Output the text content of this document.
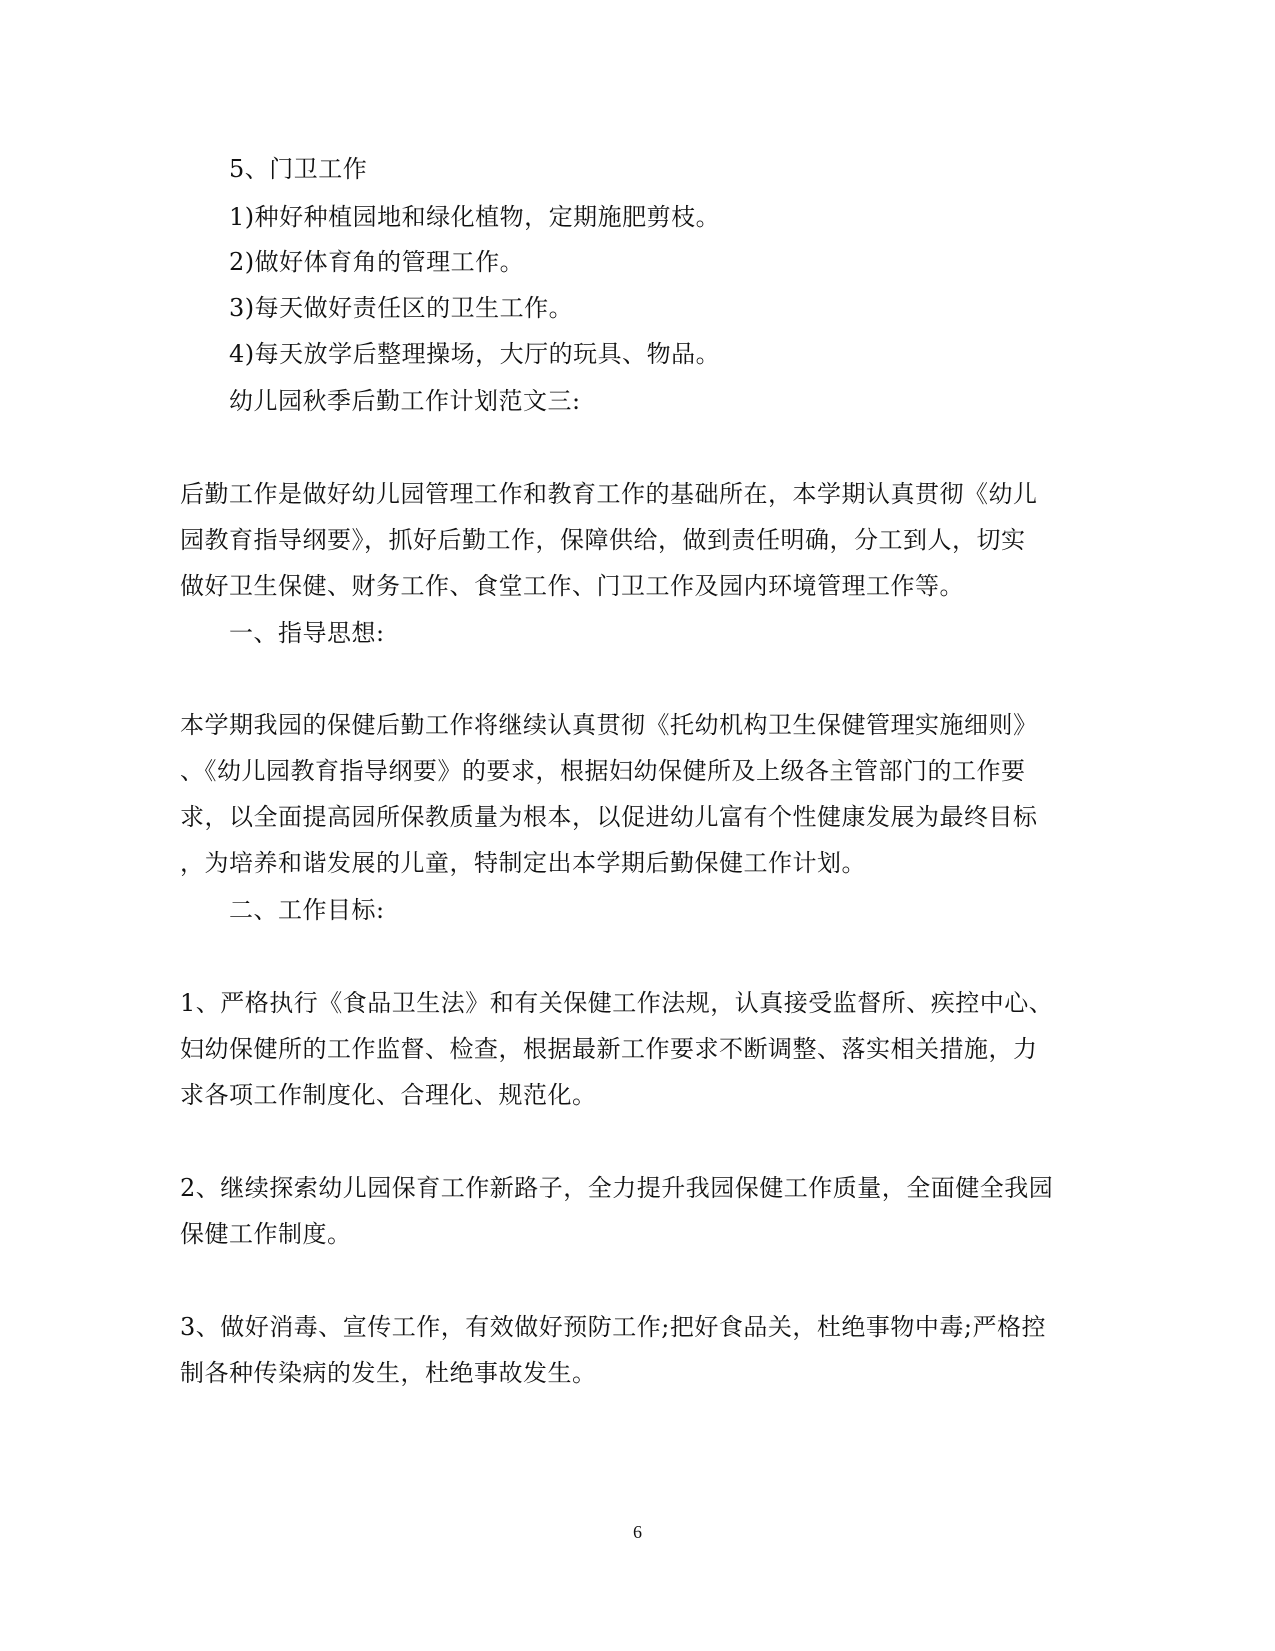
5、门卫工作
1)种好种植园地和绿化植物，定期施肥剪枝。
2)做好体育角的管理工作。
3)每天做好责任区的卫生工作。
4)每天放学后整理操场，大厅的玩具、物品。
幼儿园秋季后勤工作计划范文三:
后勤工作是做好幼儿园管理工作和教育工作的基础所在，本学期认真贯彻《幼儿
园教育指导纲要》，抓好后勤工作，保障供给，做到责任明确，分工到人，切实
做好卫生保健、财务工作、食堂工作、门卫工作及园内环境管理工作等。
一、指导思想:
本学期我园的保健后勤工作将继续认真贯彻《托幼机构卫生保健管理实施细则》
、《幼儿园教育指导纲要》的要求，根据妇幼保健所及上级各主管部门的工作要
求，以全面提高园所保教质量为根本，以促进幼儿富有个性健康发展为最终目标
，为培养和谐发展的儿童，特制定出本学期后勤保健工作计划。
二、工作目标:
1、严格执行《食品卫生法》和有关保健工作法规，认真接受监督所、疾控中心、
妇幼保健所的工作监督、检查，根据最新工作要求不断调整、落实相关措施，力
求各项工作制度化、合理化、规范化。
2、继续探索幼儿园保育工作新路子，全力提升我园保健工作质量，全面健全我园
保健工作制度。
3、做好消毒、宣传工作，有效做好预防工作;把好食品关，杜绝事物中毒;严格控
制各种传染病的发生，杜绝事故发生。
6
